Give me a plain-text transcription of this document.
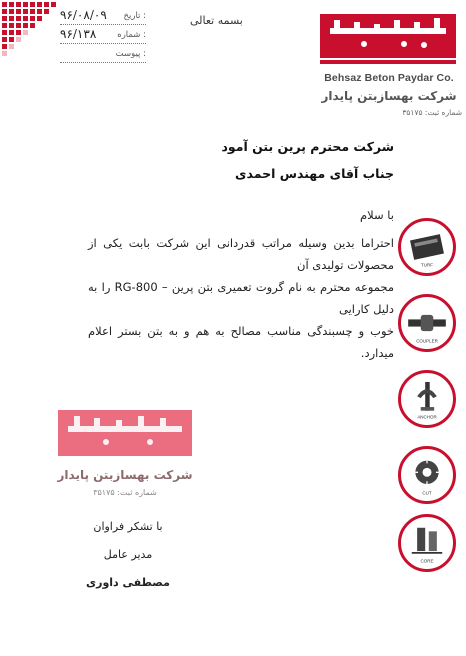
۹۶/۰۸/۰۹ تاریخ :
۹۶/۱۳۸ شماره :
پیوست :
بسمه تعالی
Behsaz Beton Paydar Co.
شرکت بهسازبتن پایدار
شماره ثبت: ۳۵۱۷۵
شرکت محترم پرین بتن آمود
جناب آقای مهندس احمدی
با سلام

احتراما بدین وسیله مراتب قدردانی این شرکت بابت یکی از محصولات تولیدی آن

مجموعه محترم به نام گروت تعمیری بتن پرین – RG-800 را به دلیل کارایی

خوب و چسبندگی مناسب مصالح به هم و به بتن بستر اعلام میدارد.

TURF
COUPLER
ANCHOR
CUT
CORE
شرکت بهسازبتن پایدار
شماره ثبت: ۳۵۱۷۵
با تشکر فراوان
مدیر عامل
مصطفی داوری
